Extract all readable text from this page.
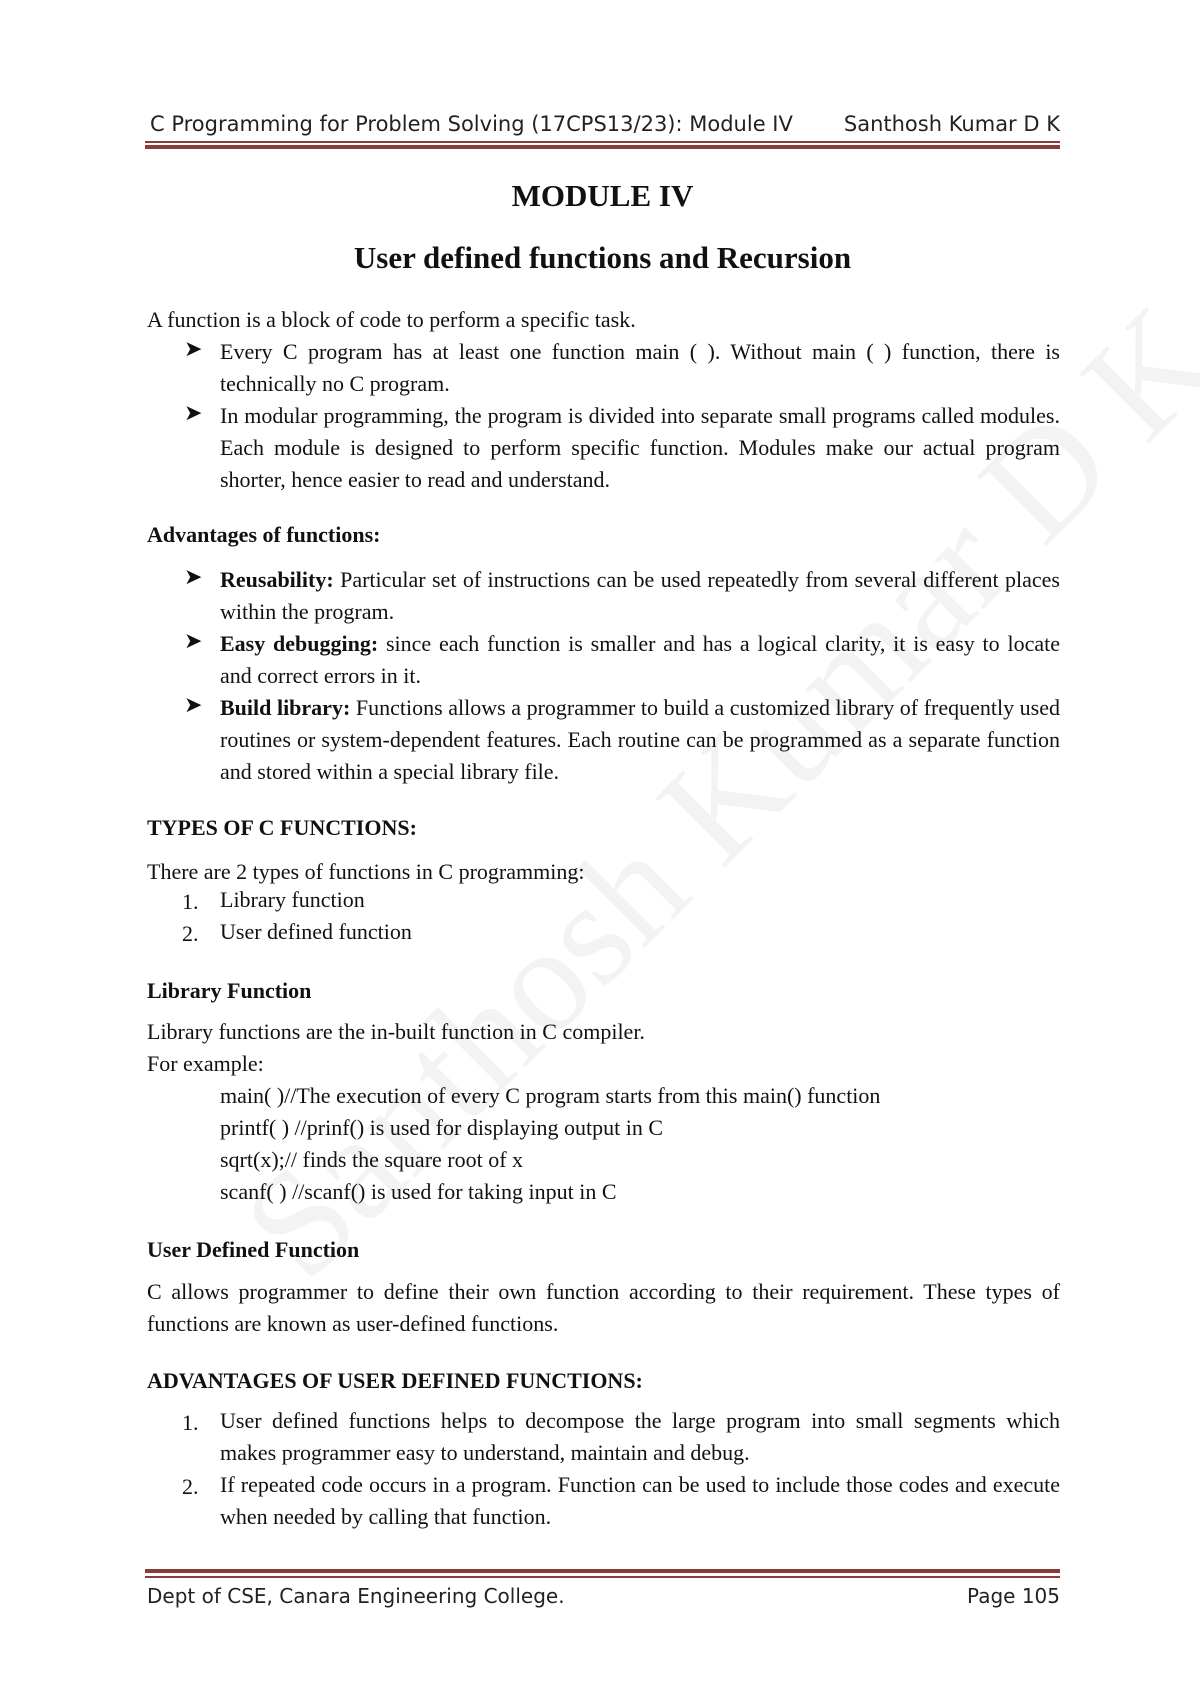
C Programming for Problem Solving (17CPS13/23): Module IV Santhosh Kumar D K
MODULE IV
User defined functions and Recursion
A function is a block of code to perform a specific task.
➤ Every C program has at least one function main ( ). Without main ( ) function, there is technically no C program.
➤ In modular programming, the program is divided into separate small programs called modules. Each module is designed to perform specific function. Modules make our actual program shorter, hence easier to read and understand.
Advantages of functions:
➤ Reusability: Particular set of instructions can be used repeatedly from several different places within the program.
➤ Easy debugging: since each function is smaller and has a logical clarity, it is easy to locate and correct errors in it.
➤ Build library: Functions allows a programmer to build a customized library of frequently used routines or system-dependent features. Each routine can be programmed as a separate function and stored within a special library file.
TYPES OF C FUNCTIONS:
There are 2 types of functions in C programming:
1. Library function
2. User defined function
Library Function
Library functions are the in-built function in C compiler.
For example:
main( )//The execution of every C program starts from this main() function
printf( ) //prinf() is used for displaying output in C
sqrt(x);// finds the square root of x
scanf( ) //scanf() is used for taking input in C
User Defined Function
C allows programmer to define their own function according to their requirement. These types of functions are known as user-defined functions.
ADVANTAGES OF USER DEFINED FUNCTIONS:
1. User defined functions helps to decompose the large program into small segments which makes programmer easy to understand, maintain and debug.
2. If repeated code occurs in a program. Function can be used to include those codes and execute when needed by calling that function.
Dept of CSE, Canara Engineering College.	Page 105
